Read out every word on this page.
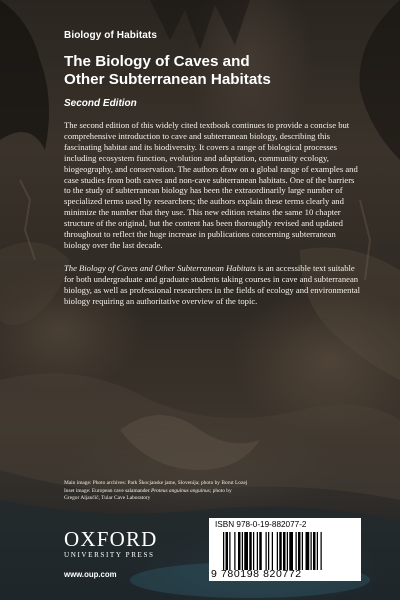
Biology of Habitats
The Biology of Caves and
Other Subterranean Habitats
Second Edition

The second edition of this widely cited textbook continues to provide a concise but comprehensive introduction to cave and subterranean biology, describing this fascinating habitat and its biodiversity. It covers a range of biological processes including ecosystem function, evolution and adaptation, community ecology, biogeography, and conservation. The authors draw on a global range of examples and case studies from both caves and non-cave subterranean habitats. One of the barriers to the study of subterranean biology has been the extraordinarily large number of specialized terms used by researchers; the authors explain these terms clearly and minimize the number that they use. This new edition retains the same 10 chapter structure of the original, but the content has been thoroughly revised and updated throughout to reflect the huge increase in publications concerning subterranean biology over the last decade.

The Biology of Caves and Other Subterranean Habitats is an accessible text suitable for both undergraduate and graduate students taking courses in cave and subterranean biology, as well as professional researchers in the fields of ecology and environmental biology requiring an authoritative overview of the topic.

Main image: Photo archives: Park Škocjanske jame, Slovenija; photo by Borut Lozej
Inset image: European cave salamander Proteus anguinus anguinus; photo by
Gregor Aljančič, Tular Cave Laboratory
OXFORD
UNIVERSITY PRESS
www.oup.com
ISBN 978-0-19-882077-2
9 780198 820772
